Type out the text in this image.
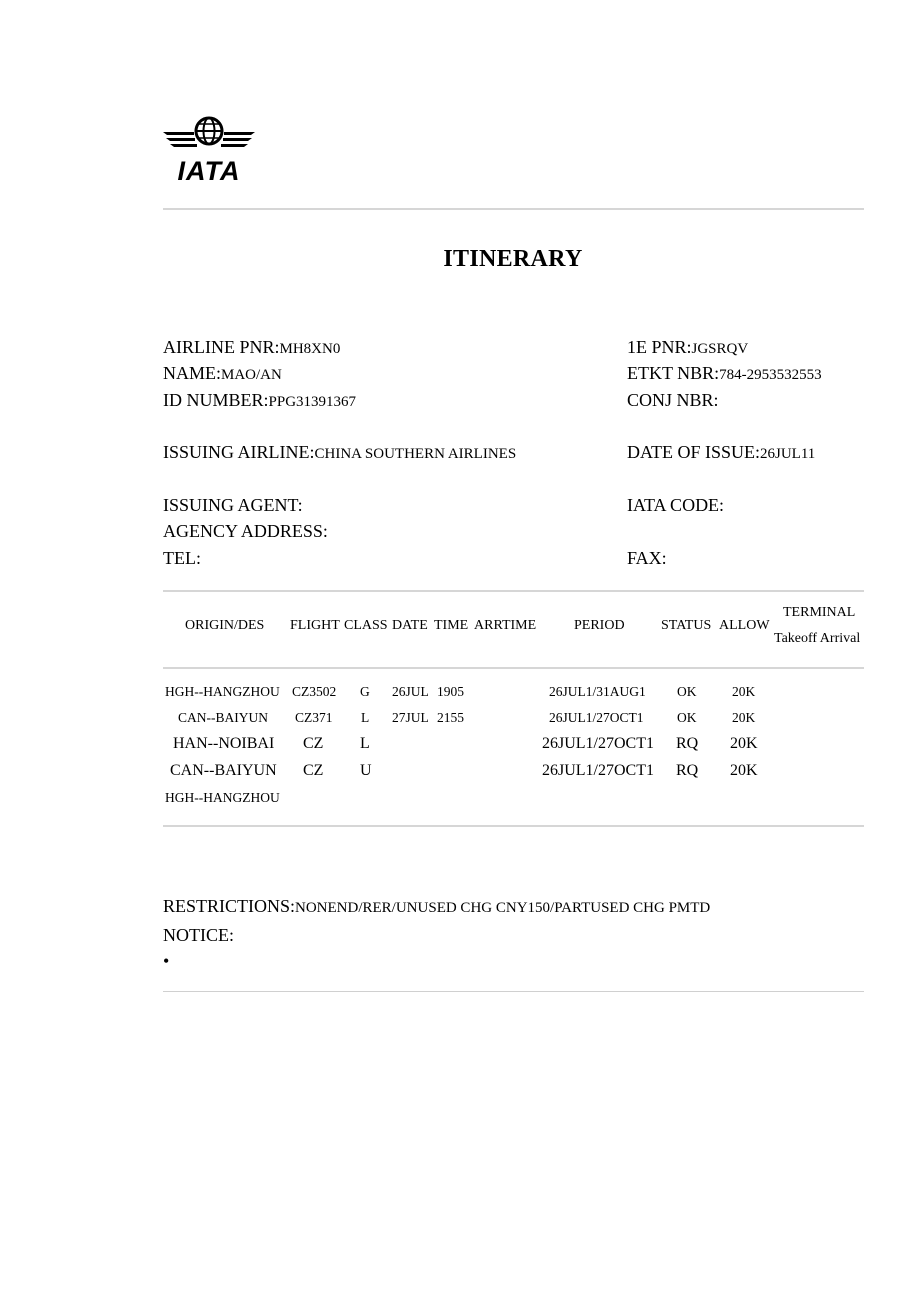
IATA
ITINERARY
AIRLINE PNR:MH8XN0
NAME:MAO/AN
ID NUMBER:PPG31391367
ISSUING AIRLINE:CHINA SOUTHERN AIRLINES
ISSUING AGENT:
AGENCY ADDRESS:
TEL:
1E PNR:JGSRQV
ETKT NBR:784-2953532553
CONJ NBR:
DATE OF ISSUE:26JUL11
IATA CODE:
FAX:
ORIGIN/DES FLIGHT CLASS DATE TIME ARRTIME	PERIOD	STATUS ALLOW
TERMINAL
Takeoff Arrival
HGH--HANGZHOU CZ3502 G 26JUL 1905	26JUL1/31AUG1 OK	20K
CAN--BAIYUN CZ371 L 27JUL 2155	26JUL1/27OCT1 OK	20K
HAN--NOIBAI CZ L	26JUL1/27OCT1 RQ 20K
CAN--BAIYUN CZ U	26JUL1/27OCT1 RQ 20K
HGH--HANGZHOU
RESTRICTIONS:NONEND/RER/UNUSED CHG CNY150/PARTUSED CHG PMTD
NOTICE:
•
